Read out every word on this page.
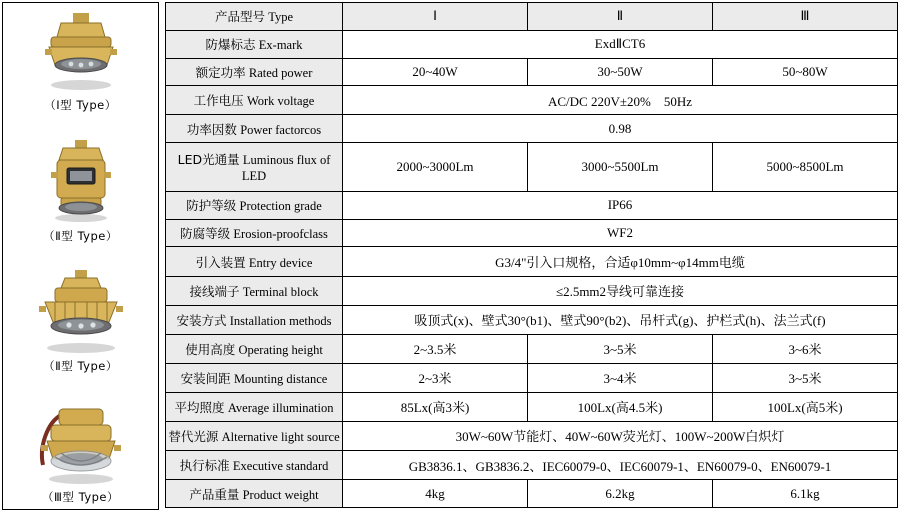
（Ⅰ型 Type）
（Ⅱ型 Type）
（Ⅱ型 Type）
（Ⅲ型 Type）
产品型号 Type	Ⅰ	Ⅱ	Ⅲ
防爆标志 Ex-mark	ExdⅡCT6		
额定功率 Rated power	20~40W	30~50W	50~80W
工作电压 Work voltage	AC/DC 220V±20%　50Hz		
功率因数 Power factorcos	0.98		
LED光通量 Luminous flux of LED	2000~3000Lm	3000~5500Lm	5000~8500Lm
防护等级 Protection grade	IP66		
防腐等级 Erosion-proofclass	WF2		
引入装置 Entry device	G3/4"引入口规格，合适φ10mm~φ14mm电缆		
接线端子 Terminal block	≤2.5mm2导线可靠连接		
安装方式 Installation methods	吸顶式(x)、壁式30°(b1)、壁式90°(b2)、吊杆式(g)、护栏式(h)、法兰式(f)		
使用高度 Operating height	2~3.5米	3~5米	3~6米
安装间距 Mounting distance	2~3米	3~4米	3~5米
平均照度 Average illumination	85Lx(高3米)	100Lx(高4.5米)	100Lx(高5米)
替代光源 Alternative light source	30W~60W节能灯、40W~60W荧光灯、100W~200W白炽灯		
执行标准 Executive standard	GB3836.1、GB3836.2、IEC60079-0、IEC60079-1、EN60079-0、EN60079-1		
产品重量 Product weight	4kg	6.2kg	6.1kg
